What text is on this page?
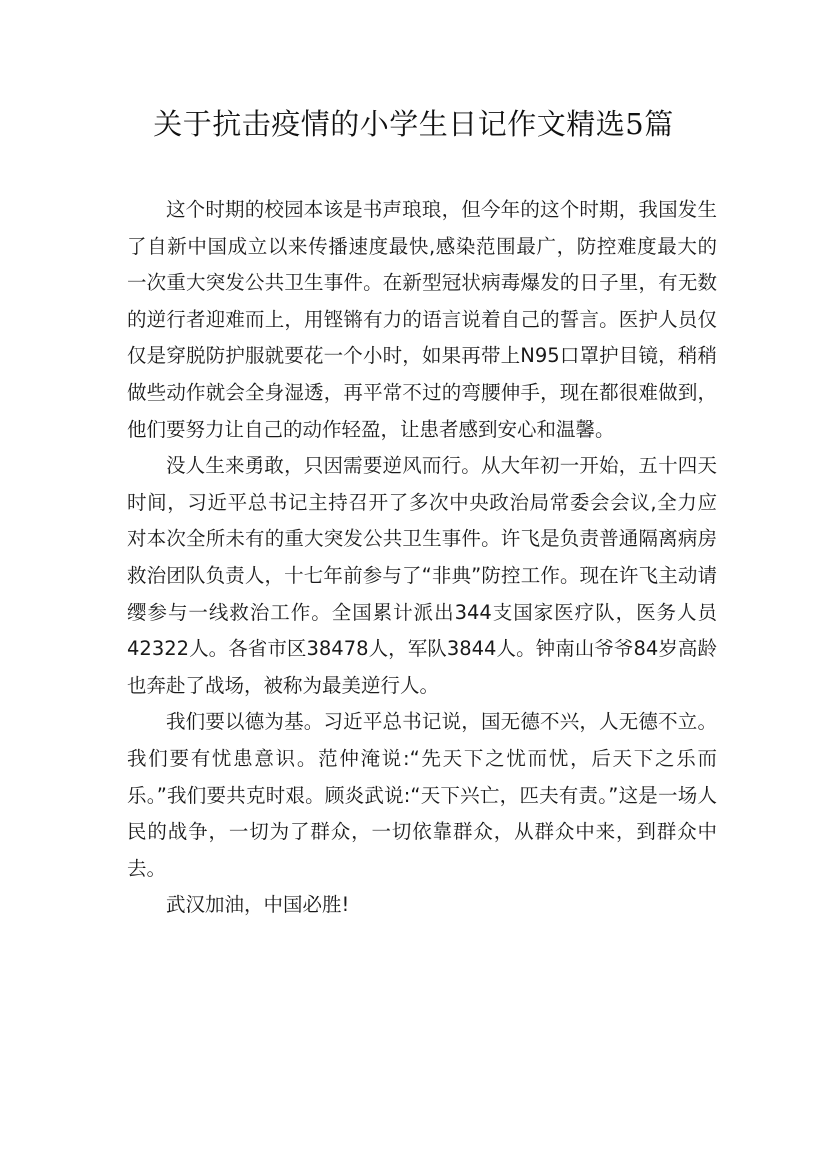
关于抗击疫情的小学生日记作文精选5篇

这个时期的校园本该是书声琅琅，但今年的这个时期，我国发生了自新中国成立以来传播速度最快,感染范围最广，防控难度最大的一次重大突发公共卫生事件。在新型冠状病毒爆发的日子里，有无数的逆行者迎难而上，用铿锵有力的语言说着自己的誓言。医护人员仅仅是穿脱防护服就要花一个小时，如果再带上N95口罩护目镜，稍稍做些动作就会全身湿透，再平常不过的弯腰伸手，现在都很难做到，他们要努力让自己的动作轻盈，让患者感到安心和温馨。

没人生来勇敢，只因需要逆风而行。从大年初一开始，五十四天时间，习近平总书记主持召开了多次中央政治局常委会会议,全力应对本次全所未有的重大突发公共卫生事件。许飞是负责普通隔离病房救治团队负责人，十七年前参与了“非典”防控工作。现在许飞主动请缨参与一线救治工作。全国累计派出344支国家医疗队，医务人员42322人。各省市区38478人，军队3844人。钟南山爷爷84岁高龄也奔赴了战场，被称为最美逆行人。

我们要以德为基。习近平总书记说，国无德不兴，人无德不立。我们要有忧患意识。范仲淹说:“先天下之忧而忧，后天下之乐而乐。”我们要共克时艰。顾炎武说:“天下兴亡，匹夫有责。”这是一场人民的战争，一切为了群众，一切依靠群众，从群众中来，到群众中去。

武汉加油，中国必胜!
